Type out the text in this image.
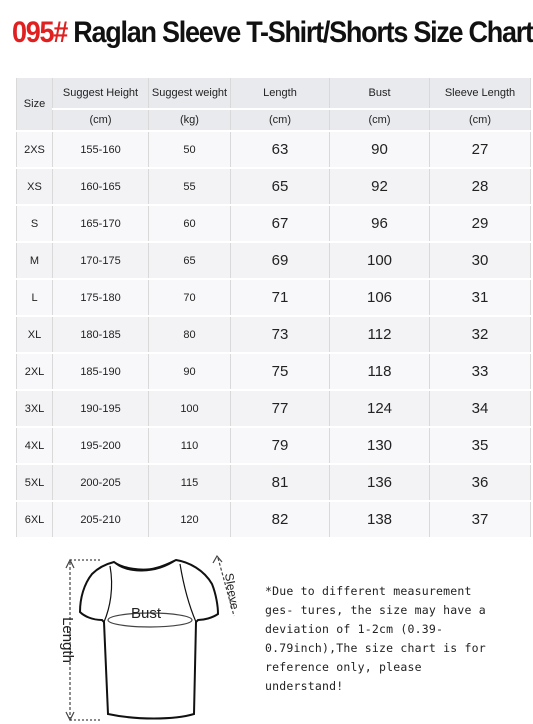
095# Raglan Sleeve T-Shirt/Shorts Size Chart
Size	Suggest Height	Suggest weight	Length	Bust	Sleeve Length
	(cm)	(kg)	(cm)	(cm)	(cm)
2XS	155-160	50	63	90	27
XS	160-165	55	65	92	28
S	165-170	60	67	96	29
M	170-175	65	69	100	30
L	175-180	70	71	106	31
XL	180-185	80	73	112	32
2XL	185-190	90	75	118	33
3XL	190-195	100	77	124	34
4XL	195-200	110	79	130	35
5XL	200-205	115	81	136	36
6XL	205-210	120	82	138	37
Length
Bust
Sleeve *Due to different measurement ges- tures, the size may have a deviation of 1-2cm (0.39-0.79inch),The size chart is for reference only, please understand!
